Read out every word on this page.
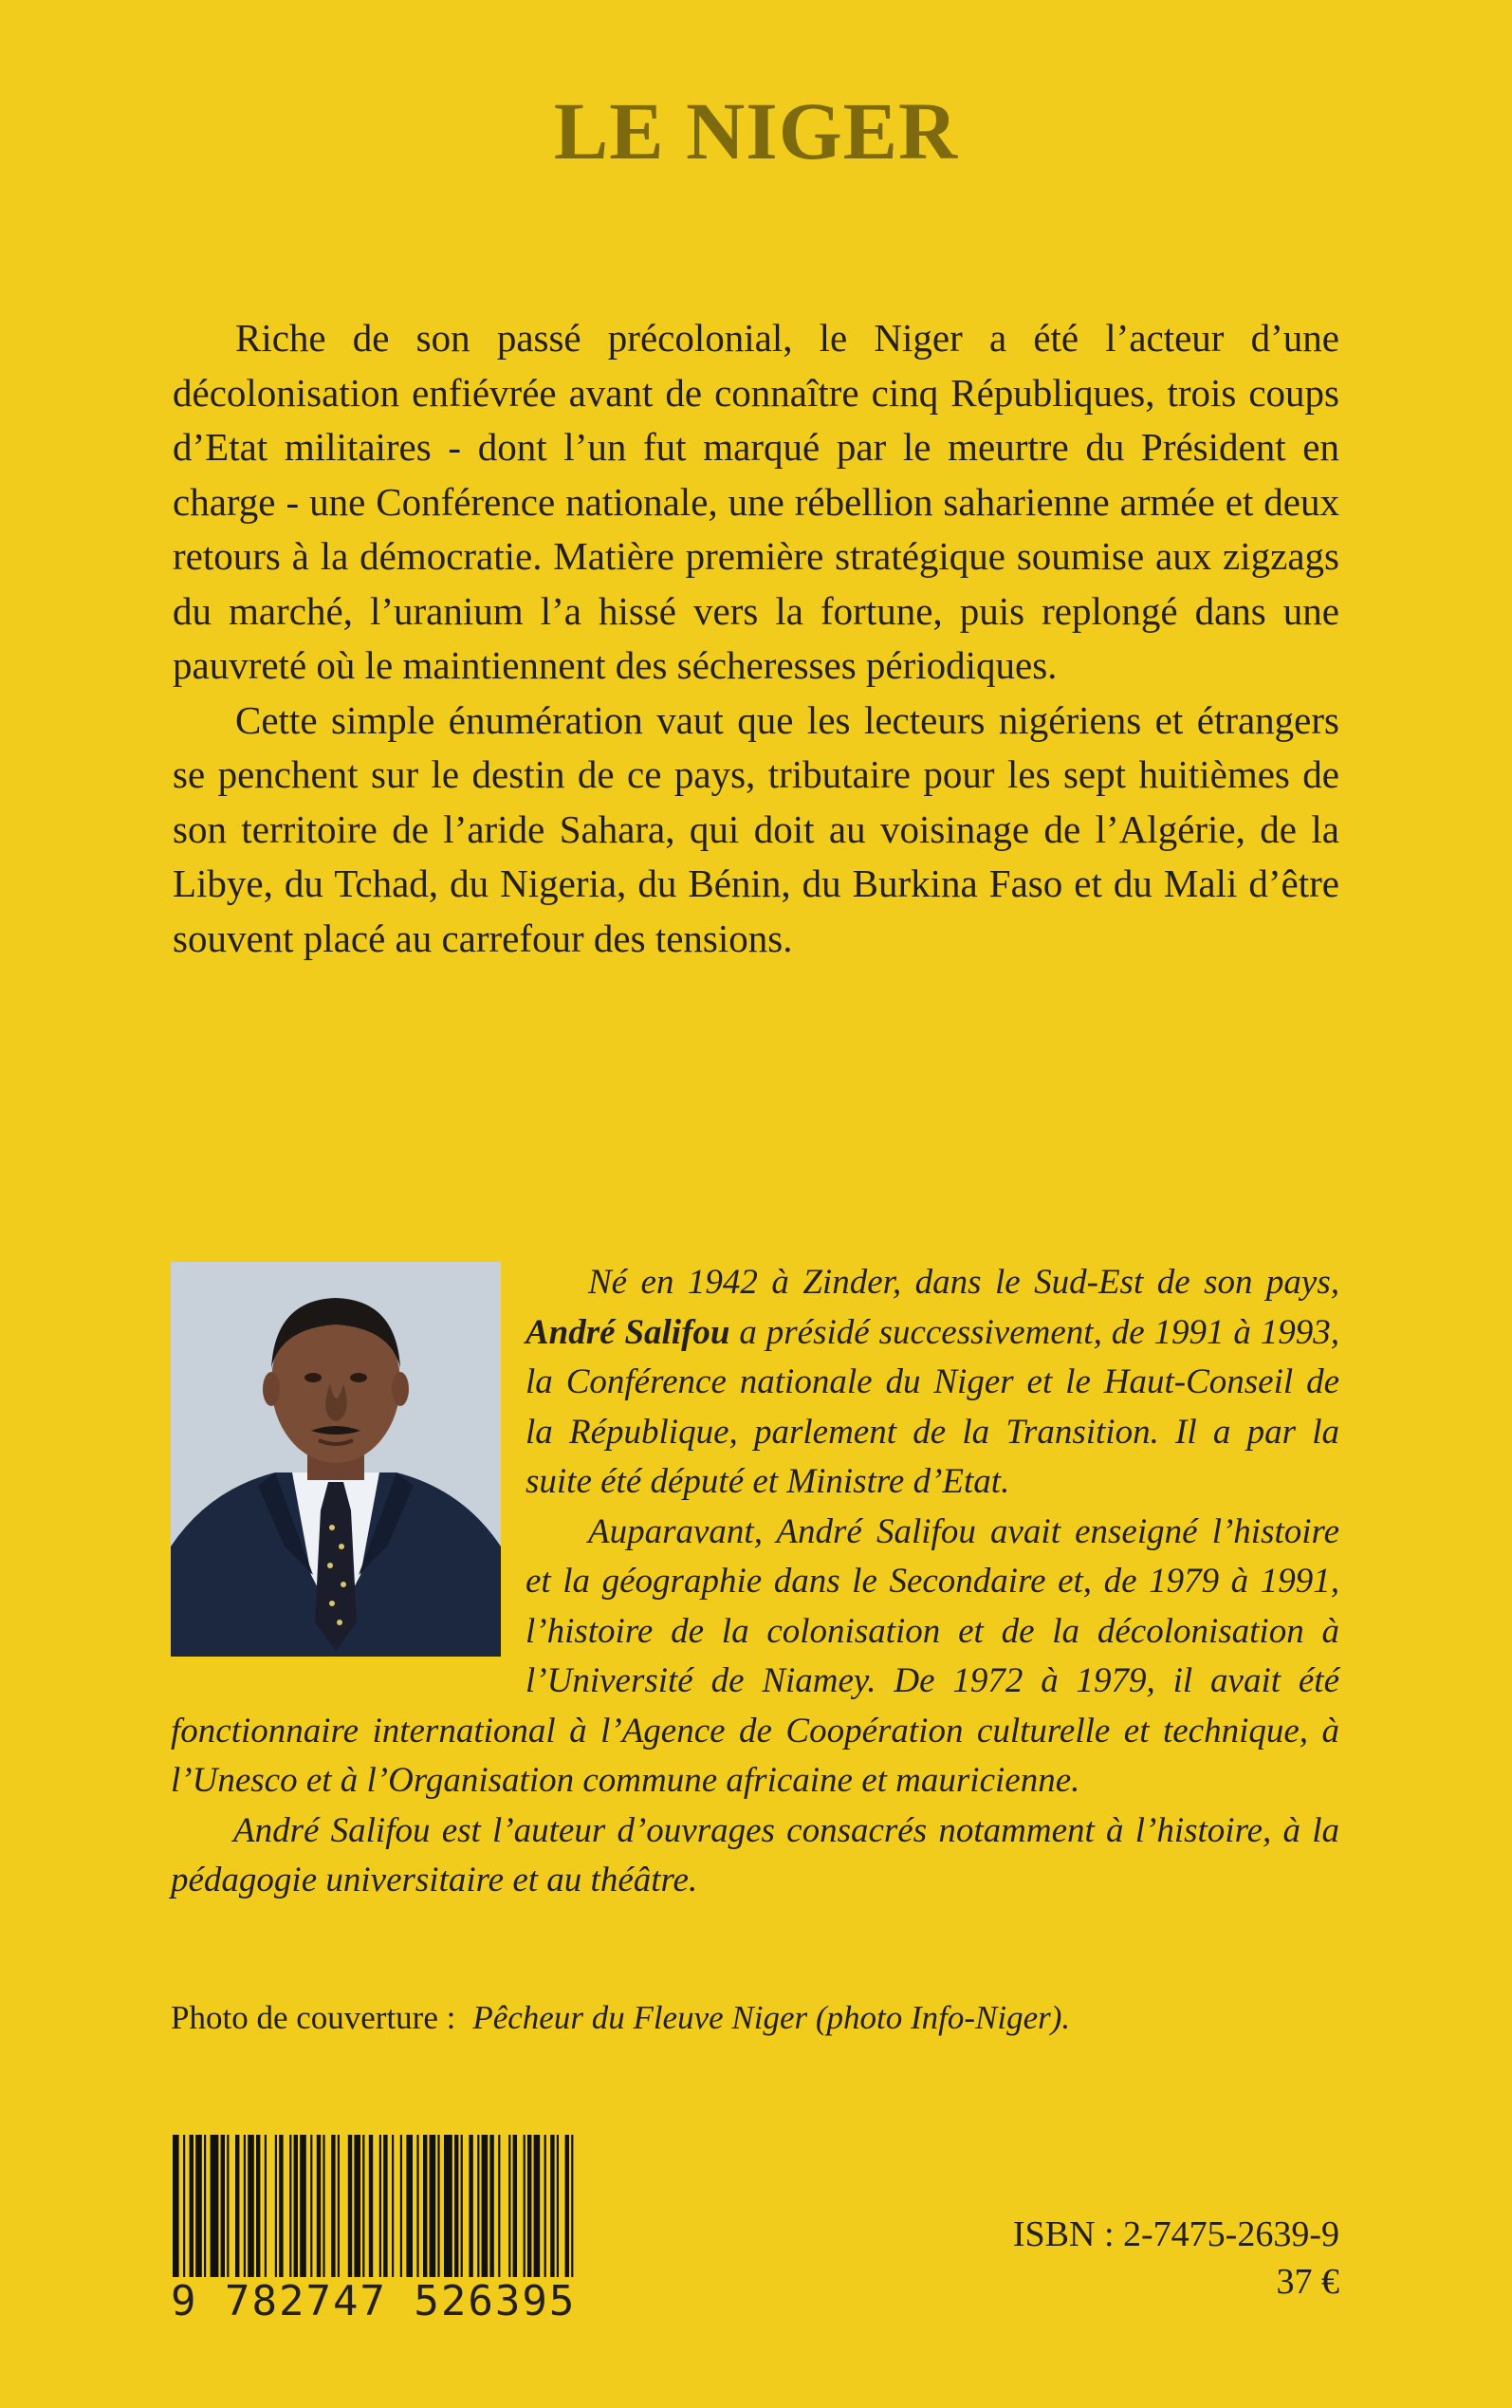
LE NIGER

Riche de son passé précolonial, le Niger a été l’acteur d’une décolonisation enfiévrée avant de connaître cinq Républiques, trois coups d’Etat militaires - dont l’un fut marqué par le meurtre du Président en charge - une Conférence nationale, une rébellion saharienne armée et deux retours à la démocratie. Matière première stratégique soumise aux zigzags du marché, l’uranium l’a hissé vers la fortune, puis replongé dans une pauvreté où le maintiennent des sécheresses périodiques.

Cette simple énumération vaut que les lecteurs nigériens et étrangers se penchent sur le destin de ce pays, tributaire pour les sept huitièmes de son territoire de l’aride Sahara, qui doit au voisinage de l’Algérie, de la Libye, du Tchad, du Nigeria, du Bénin, du Burkina Faso et du Mali d’être souvent placé au carrefour des tensions.

Né en 1942 à Zinder, dans le Sud-Est de son pays, André Salifou a présidé successivement, de 1991 à 1993, la Conférence nationale du Niger et le Haut-Conseil de la République, parlement de la Transition. Il a par la suite été député et Ministre d’Etat.

Auparavant, André Salifou avait enseigné l’histoire et la géographie dans le Secondaire et, de 1979 à 1991, l’histoire de la colonisation et de la décolonisation à l’Université de Niamey. De 1972 à 1979, il avait été fonctionnaire international à l’Agence de Coopération culturelle et technique, à l’Unesco et à l’Organisation commune africaine et mauricienne.

André Salifou est l’auteur d’ouvrages consacrés notamment à l’histoire, à la pédagogie universitaire et au théâtre.

Photo de couverture : Pêcheur du Fleuve Niger (photo Info-Niger).
9 782747 526395
ISBN : 2-7475-2639-9
37 €
